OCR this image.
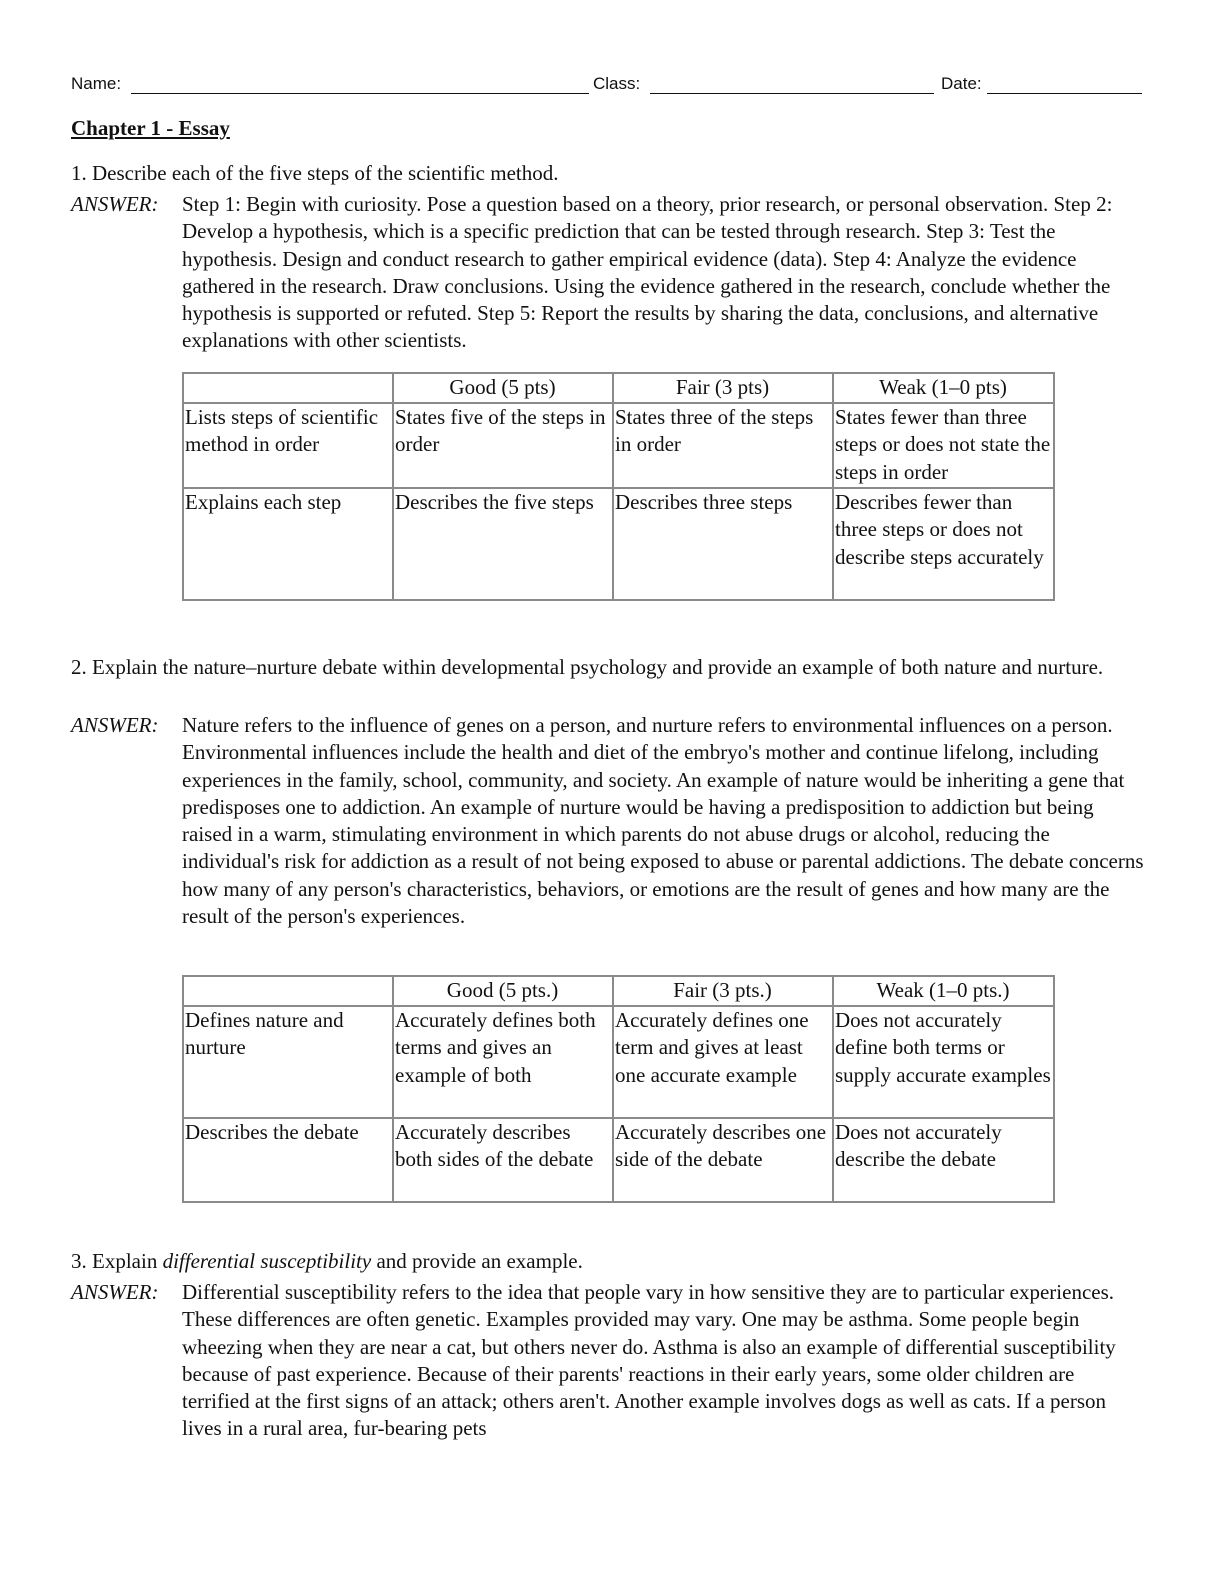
Name:	Class:	Date:
Chapter 1 - Essay
1. Describe each of the five steps of the scientific method.
ANSWER: Step 1: Begin with curiosity. Pose a question based on a theory, prior research, or personal observation. Step 2: Develop a hypothesis, which is a specific prediction that can be tested through research. Step 3: Test the hypothesis. Design and conduct research to gather empirical evidence (data). Step 4: Analyze the evidence gathered in the research. Draw conclusions. Using the evidence gathered in the research, conclude whether the hypothesis is supported or refuted. Step 5: Report the results by sharing the data, conclusions, and alternative explanations with other scientists.
	Good (5 pts)	Fair (3 pts)	Weak (1–0 pts)
Lists steps of scientific method in order	States five of the steps in order	States three of the steps in order	States fewer than three steps or does not state the steps in order
Explains each step	Describes the five steps	Describes three steps	Describes fewer than three steps or does not describe steps accurately
2. Explain the nature–nurture debate within developmental psychology and provide an example of both nature and nurture.
ANSWER: Nature refers to the influence of genes on a person, and nurture refers to environmental influences on a person. Environmental influences include the health and diet of the embryo's mother and continue lifelong, including experiences in the family, school, community, and society. An example of nature would be inheriting a gene that predisposes one to addiction. An example of nurture would be having a predisposition to addiction but being raised in a warm, stimulating environment in which parents do not abuse drugs or alcohol, reducing the individual's risk for addiction as a result of not being exposed to abuse or parental addictions. The debate concerns how many of any person's characteristics, behaviors, or emotions are the result of genes and how many are the result of the person's experiences.
	Good (5 pts.)	Fair (3 pts.)	Weak (1–0 pts.)
Defines nature and nurture	Accurately defines both terms and gives an example of both	Accurately defines one term and gives at least one accurate example	Does not accurately define both terms or supply accurate examples
Describes the debate	Accurately describes both sides of the debate	Accurately describes one side of the debate	Does not accurately describe the debate
3. Explain differential susceptibility and provide an example.
ANSWER: Differential susceptibility refers to the idea that people vary in how sensitive they are to particular experiences. These differences are often genetic. Examples provided may vary. One may be asthma. Some people begin wheezing when they are near a cat, but others never do. Asthma is also an example of differential susceptibility because of past experience. Because of their parents' reactions in their early years, some older children are terrified at the first signs of an attack; others aren't. Another example involves dogs as well as cats. If a person lives in a rural area, fur-bearing pets
